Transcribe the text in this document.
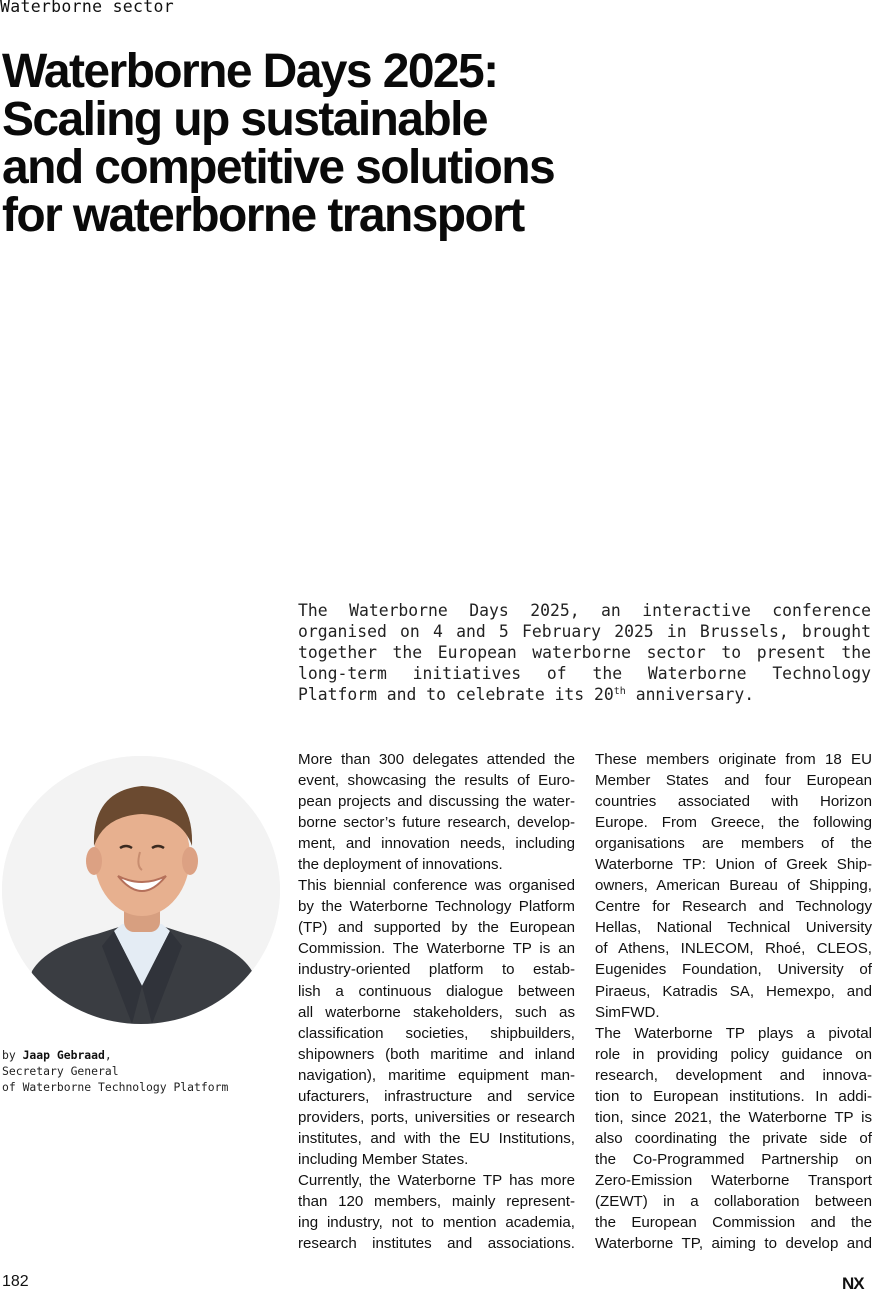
Waterborne sector
Waterborne Days 2025:
Scaling up sustainable
and competitive solutions
for waterborne transport
The Waterborne Days 2025, an interactive conference
organised on 4 and 5 February 2025 in Brussels, brought
together the European waterborne sector to present the
long-term initiatives of the Waterborne Technology
Platform and to celebrate its 20th anniversary.
by Jaap Gebraad,
Secretary General
of Waterborne Technology Platform
More than 300 delegates attended the
event, showcasing the results of Euro-
pean projects and discussing the water-
borne sector’s future research, develop-
ment, and innovation needs, including
the deployment of innovations.
This biennial conference was organised
by the Waterborne Technology Platform
(TP) and supported by the European
Commission. The Waterborne TP is an
industry-oriented platform to estab-
lish a continuous dialogue between
all waterborne stakeholders, such as
classification societies, shipbuilders,
shipowners (both maritime and inland
navigation), maritime equipment man-
ufacturers, infrastructure and service
providers, ports, universities or research
institutes, and with the EU Institutions,
including Member States.
Currently, the Waterborne TP has more
than 120 members, mainly represent-
ing industry, not to mention academia,
research institutes and associations.
These members originate from 18 EU
Member States and four European
countries associated with Horizon
Europe. From Greece, the following
organisations are members of the
Waterborne TP: Union of Greek Ship-
owners, American Bureau of Shipping,
Centre for Research and Technology
Hellas, National Technical University
of Athens, INLECOM, Rhoé, CLEOS,
Eugenides Foundation, University of
Piraeus, Katradis SA, Hemexpo, and
SimFWD.
The Waterborne TP plays a pivotal
role in providing policy guidance on
research, development and innova-
tion to European institutions. In addi-
tion, since 2021, the Waterborne TP is
also coordinating the private side of
the Co-Programmed Partnership on
Zero-Emission Waterborne Transport
(ZEWT) in a collaboration between
the European Commission and the
Waterborne TP, aiming to develop and
182	NX
